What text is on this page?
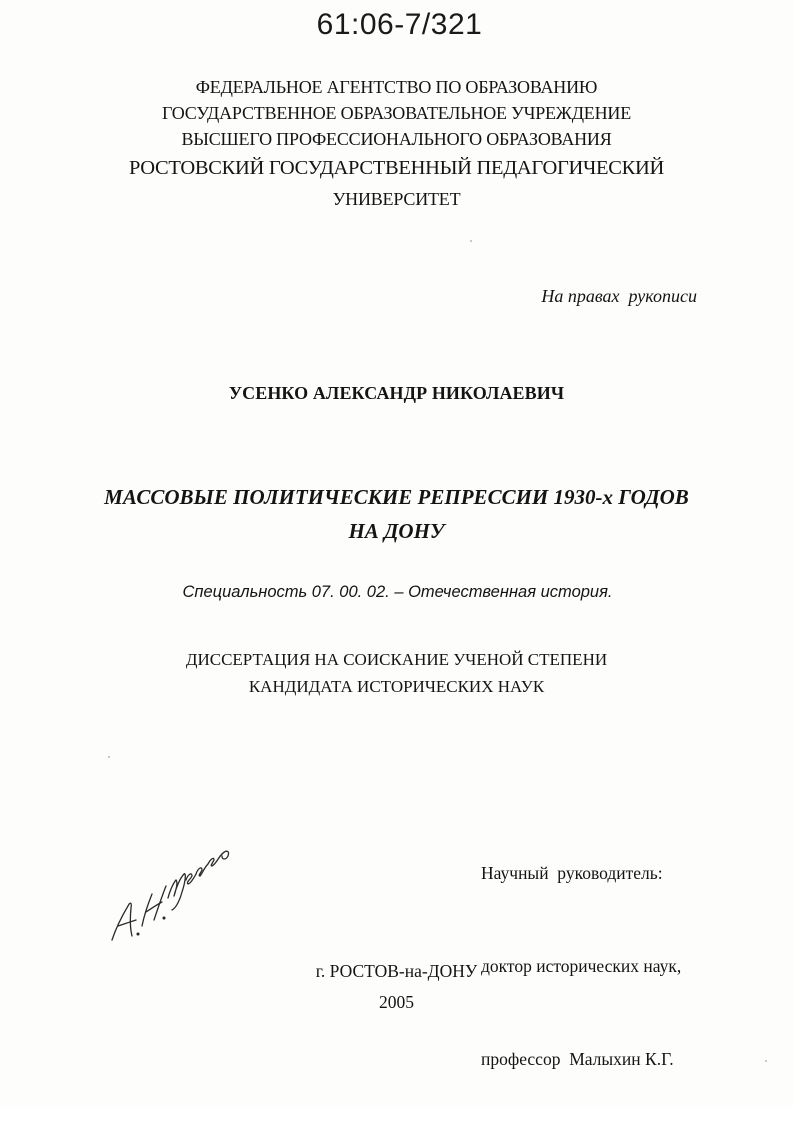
61:06-7/321
ФЕДЕРАЛЬНОЕ АГЕНТСТВО ПО ОБРАЗОВАНИЮ
ГОСУДАРСТВЕННОЕ ОБРАЗОВАТЕЛЬНОЕ УЧРЕЖДЕНИЕ
ВЫСШЕГО ПРОФЕССИОНАЛЬНОГО ОБРАЗОВАНИЯ
РОСТОВСКИЙ ГОСУДАРСТВЕННЫЙ ПЕДАГОГИЧЕСКИЙ
УНИВЕРСИТЕТ
На правах  рукописи
УСЕНКО АЛЕКСАНДР НИКОЛАЕВИЧ
МАССОВЫЕ ПОЛИТИЧЕСКИЕ РЕПРЕССИИ 1930-х ГОДОВ
НА ДОНУ
Специальность 07. 00. 02. – Отечественная история.
ДИССЕРТАЦИЯ НА СОИСКАНИЕ УЧЕНОЙ СТЕПЕНИ
КАНДИДАТА ИСТОРИЧЕСКИХ НАУК

Научный  руководитель:

доктор исторических наук,

профессор  Малыхин К.Г.

г. РОСТОВ-на-ДОНУ
2005
